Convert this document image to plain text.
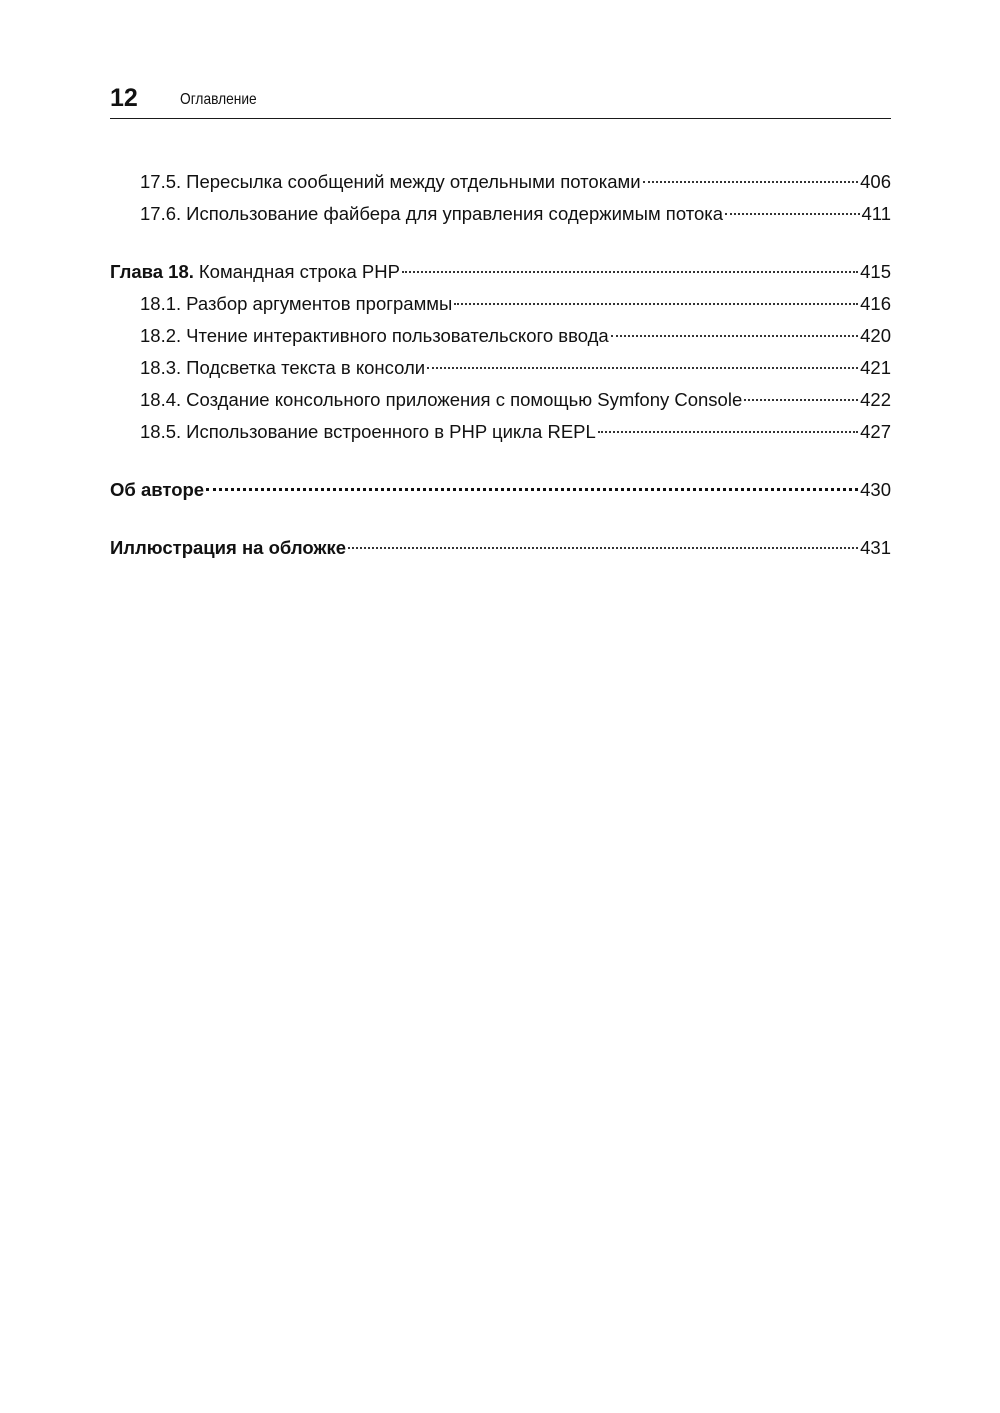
12	Оглавление
17.5. Пересылка сообщений между отдельными потоками	406
17.6. Использование файбера для управления содержимым потока	411
Глава 18. Командная строка PHP	415
18.1. Разбор аргументов программы	416
18.2. Чтение интерактивного пользовательского ввода	420
18.3. Подсветка текста в консоли	421
18.4. Создание консольного приложения с помощью Symfony Console	422
18.5. Использование встроенного в PHP цикла REPL	427
Об авторе	430
Иллюстрация на обложке	431
